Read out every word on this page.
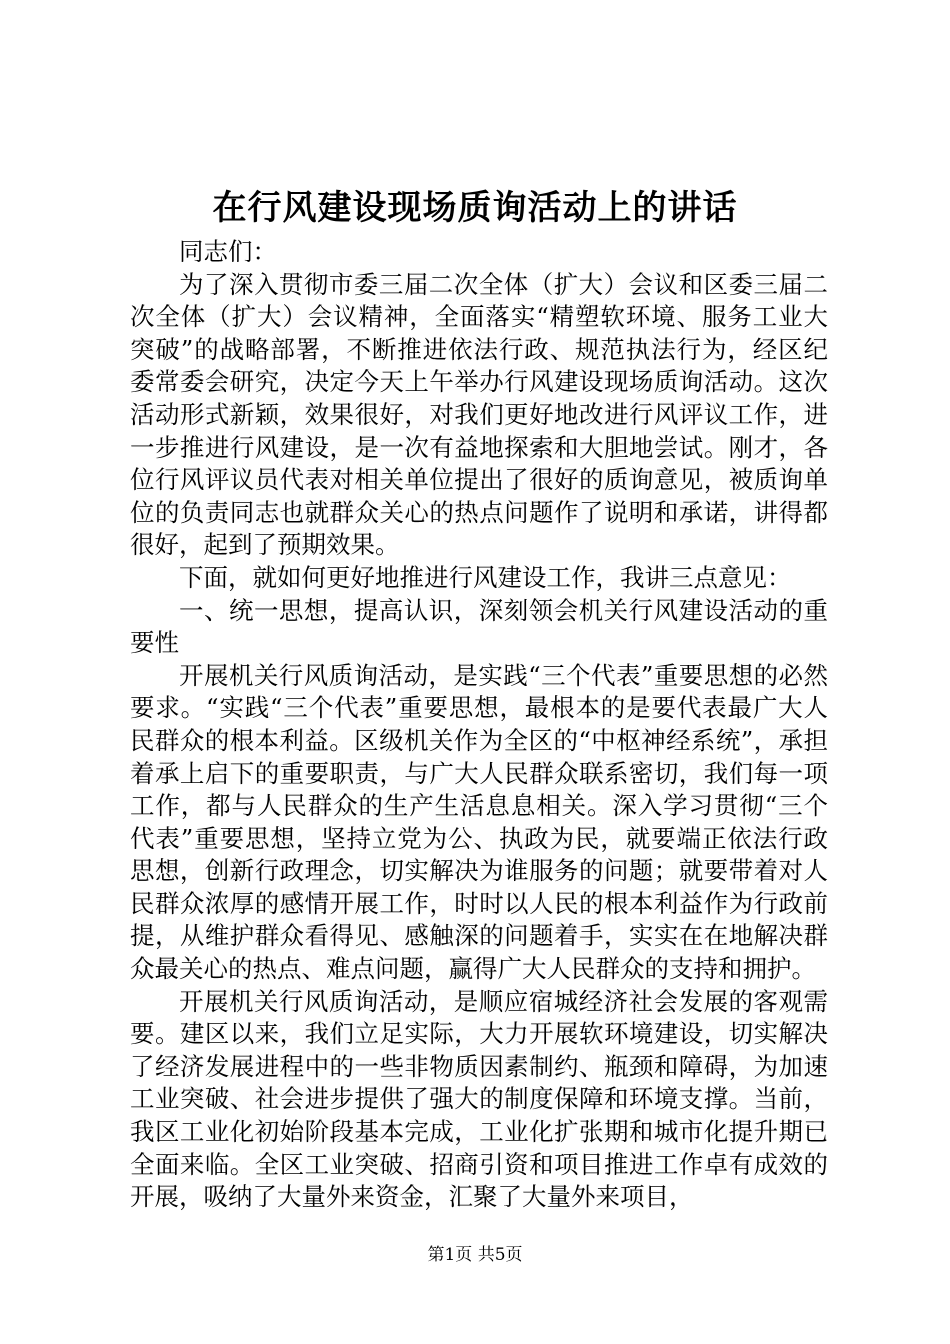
在行风建设现场质询活动上的讲话

同志们：

为了深入贯彻市委三届二次全体（扩大）会议和区委三届二次全体（扩大）会议精神，全面落实“精塑软环境、服务工业大突破”的战略部署，不断推进依法行政、规范执法行为，经区纪委常委会研究，决定今天上午举办行风建设现场质询活动。这次活动形式新颖，效果很好，对我们更好地改进行风评议工作，进一步推进行风建设，是一次有益地探索和大胆地尝试。刚才，各位行风评议员代表对相关单位提出了很好的质询意见，被质询单位的负责同志也就群众关心的热点问题作了说明和承诺，讲得都很好，起到了预期效果。

下面，就如何更好地推进行风建设工作，我讲三点意见：

一、统一思想，提高认识，深刻领会机关行风建设活动的重要性

开展机关行风质询活动，是实践“三个代表”重要思想的必然要求。“实践“三个代表”重要思想，最根本的是要代表最广大人民群众的根本利益。区级机关作为全区的“中枢神经系统”，承担着承上启下的重要职责，与广大人民群众联系密切，我们每一项工作，都与人民群众的生产生活息息相关。深入学习贯彻“三个代表”重要思想，坚持立党为公、执政为民，就要端正依法行政思想，创新行政理念，切实解决为谁服务的问题；就要带着对人民群众浓厚的感情开展工作，时时以人民的根本利益作为行政前提，从维护群众看得见、感触深的问题着手，实实在在地解决群众最关心的热点、难点问题，赢得广大人民群众的支持和拥护。

开展机关行风质询活动，是顺应宿城经济社会发展的客观需要。建区以来，我们立足实际，大力开展软环境建设，切实解决了经济发展进程中的一些非物质因素制约、瓶颈和障碍，为加速工业突破、社会进步提供了强大的制度保障和环境支撑。当前，我区工业化初始阶段基本完成，工业化扩张期和城市化提升期已全面来临。全区工业突破、招商引资和项目推进工作卓有成效的开展，吸纳了大量外来资金，汇聚了大量外来项目，

第1页 共5页
